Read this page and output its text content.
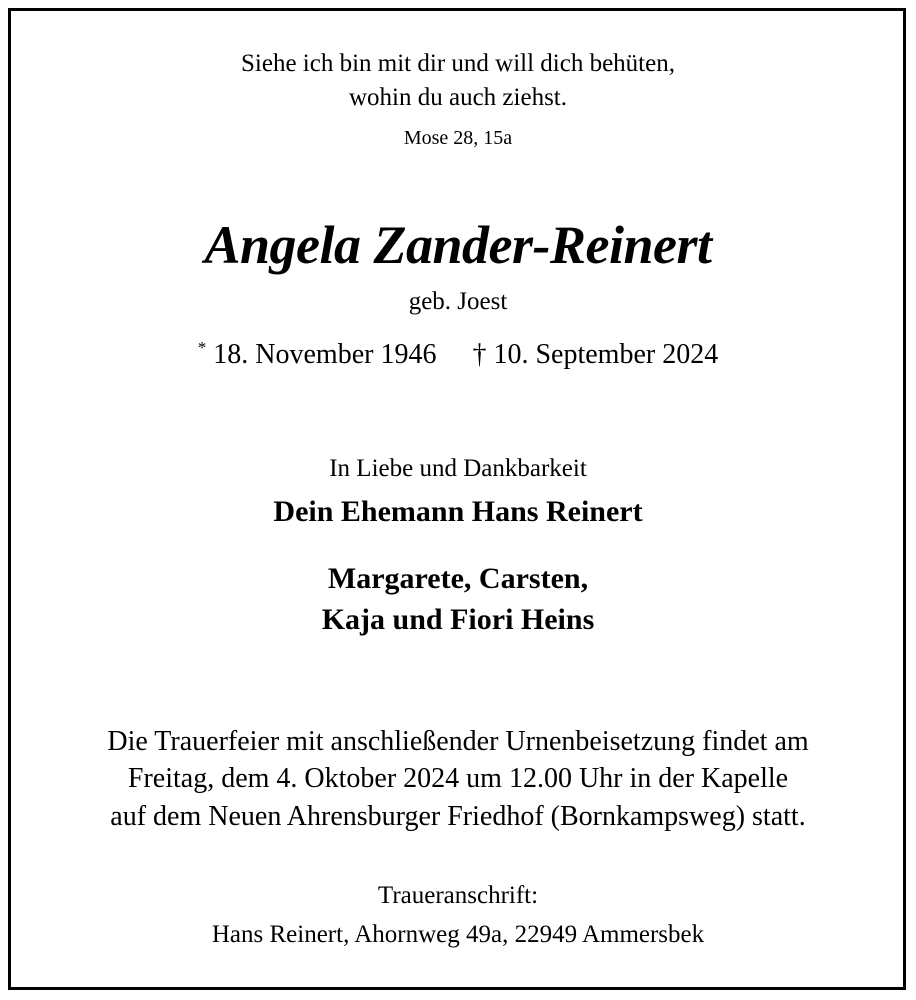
Siehe ich bin mit dir und will dich behüten,
wohin du auch ziehst.
Mose 28, 15a
Angela Zander-Reinert
geb. Joest
* 18. November 1946 † 10. September 2024
In Liebe und Dankbarkeit
Dein Ehemann Hans Reinert
Margarete, Carsten,
Kaja und Fiori Heins
Die Trauerfeier mit anschließender Urnenbeisetzung findet am
Freitag, dem 4. Oktober 2024 um 12.00 Uhr in der Kapelle
auf dem Neuen Ahrensburger Friedhof (Bornkampsweg) statt.
Traueranschrift:
Hans Reinert, Ahornweg 49a, 22949 Ammersbek
